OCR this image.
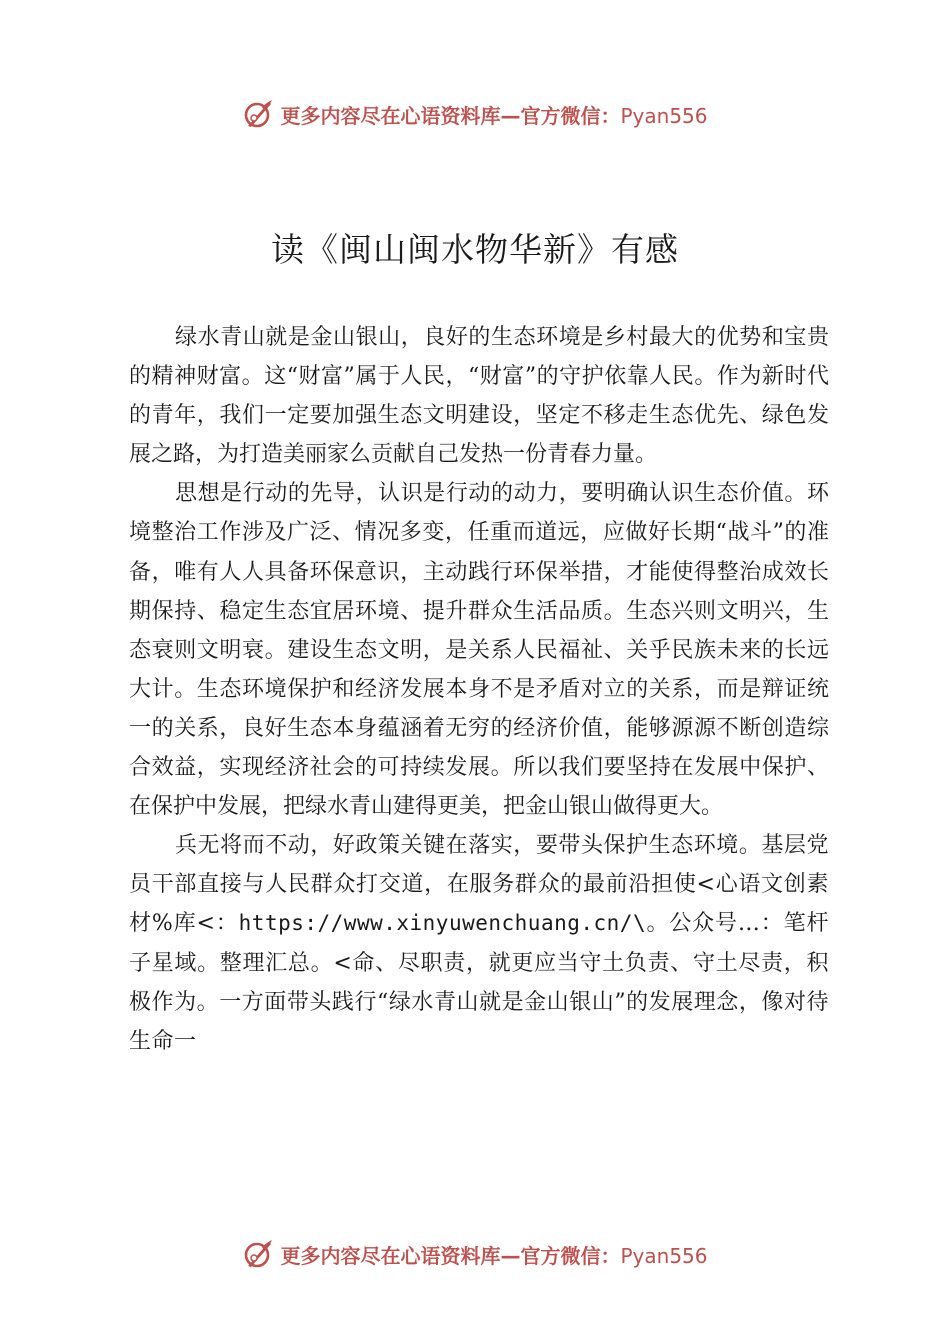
更多内容尽在心语资料库—官方微信：Pyan556
读《闽山闽水物华新》有感

绿水青山就是金山银山，良好的生态环境是乡村最大的优势和宝贵的精神财富。这“财富”属于人民，“财富”的守护依靠人民。作为新时代的青年，我们一定要加强生态文明建设，坚定不移走生态优先、绿色发展之路，为打造美丽家么贡献自己发热一份青春力量。

思想是行动的先导，认识是行动的动力，要明确认识生态价值。环境整治工作涉及广泛、情况多变，任重而道远，应做好长期“战斗”的准备，唯有人人具备环保意识，主动践行环保举措，才能使得整治成效长期保持、稳定生态宜居环境、提升群众生活品质。生态兴则文明兴，生态衰则文明衰。建设生态文明，是关系人民福祉、关乎民族未来的长远大计。生态环境保护和经济发展本身不是矛盾对立的关系，而是辩证统一的关系，良好生态本身蕴涵着无穷的经济价值，能够源源不断创造综合效益，实现经济社会的可持续发展。所以我们要坚持在发展中保护、在保护中发展，把绿水青山建得更美，把金山银山做得更大。

兵无将而不动，好政策关键在落实，要带头保护生态环境。基层党员干部直接与人民群众打交道，在服务群众的最前沿担使<心语文创素材%库<：https://www.xinyuwenchuang.cn/\。公众号…：笔杆子星域。整理汇总。<命、尽职责，就更应当守土负责、守土尽责，积极作为。一方面带头践行“绿水青山就是金山银山”的发展理念，像对待生命一

更多内容尽在心语资料库—官方微信：Pyan556
